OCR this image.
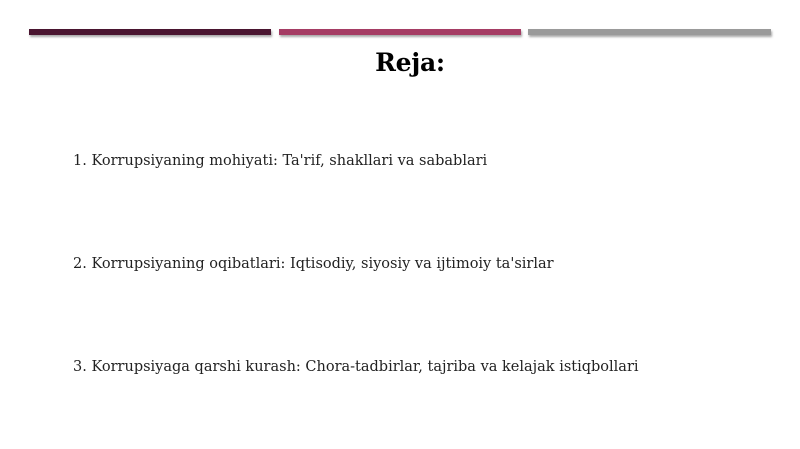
Reja:
1. Korrupsiyaning mohiyati: Ta'rif, shakllari va sabablari
2. Korrupsiyaning oqibatlari: Iqtisodiy, siyosiy va ijtimoiy ta'sirlar
3. Korrupsiyaga qarshi kurash: Chora-tadbirlar, tajriba va kelajak istiqbollari
